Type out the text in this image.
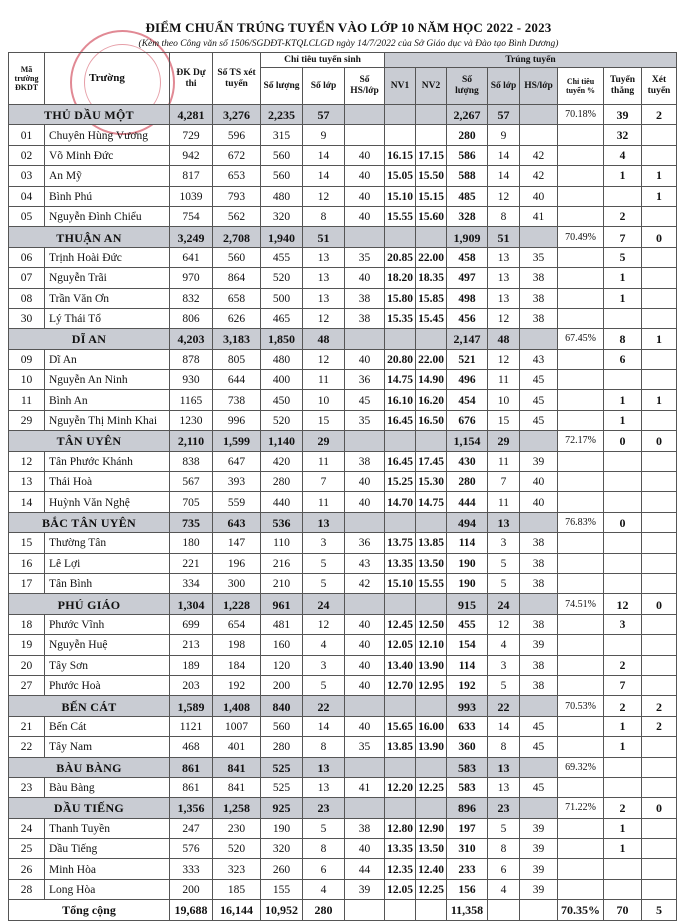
ĐIỂM CHUẨN TRÚNG TUYỂN VÀO LỚP 10 NĂM HỌC 2022 - 2023
(Kèm theo Công văn số 1506/SGDĐT-KTQLCLGD ngày 14/7/2022 của Sở Giáo dục và Đào tạo Bình Dương)
Mã trường ĐKDT	Trường	ĐK Dự thi	Số TS xét tuyển	Chỉ tiêu tuyển sinh			Trúng tuyển							
				Số lượng	Số lớp	Số HS/lớp	NV1	NV2	Số lượng	Số lớp	HS/lớp	Chỉ tiêu tuyển %	Tuyển thẳng	Xét tuyển
THỦ DẦU MỘT		4,281	3,276	2,235	57				2,267	57		70.18%	39	2
01	Chuyên Hùng Vương	729	596	315	9				280	9			32	
02	Võ Minh Đức	942	672	560	14	40	16.15	17.15	586	14	42		4	
03	An Mỹ	817	653	560	14	40	15.05	15.50	588	14	42		1	1
04	Bình Phú	1039	793	480	12	40	15.10	15.15	485	12	40			1
05	Nguyễn Đình Chiểu	754	562	320	8	40	15.55	15.60	328	8	41		2	
THUẬN AN		3,249	2,708	1,940	51				1,909	51		70.49%	7	0
06	Trịnh Hoài Đức	641	560	455	13	35	20.85	22.00	458	13	35		5	
07	Nguyễn Trãi	970	864	520	13	40	18.20	18.35	497	13	38		1	
08	Trần Văn Ơn	832	658	500	13	38	15.80	15.85	498	13	38		1	
30	Lý Thái Tổ	806	626	465	12	38	15.35	15.45	456	12	38			
DĨ AN		4,203	3,183	1,850	48				2,147	48		67.45%	8	1
09	Dĩ An	878	805	480	12	40	20.80	22.00	521	12	43		6	
10	Nguyễn An Ninh	930	644	400	11	36	14.75	14.90	496	11	45			
11	Bình An	1165	738	450	10	45	16.10	16.20	454	10	45		1	1
29	Nguyễn Thị Minh Khai	1230	996	520	15	35	16.45	16.50	676	15	45		1	
TÂN UYÊN		2,110	1,599	1,140	29				1,154	29		72.17%	0	0
12	Tân Phước Khánh	838	647	420	11	38	16.45	17.45	430	11	39			
13	Thái Hoà	567	393	280	7	40	15.25	15.30	280	7	40			
14	Huỳnh Văn Nghệ	705	559	440	11	40	14.70	14.75	444	11	40			
BẮC TÂN UYÊN		735	643	536	13				494	13		76.83%	0	
15	Thường Tân	180	147	110	3	36	13.75	13.85	114	3	38			
16	Lê Lợi	221	196	216	5	43	13.35	13.50	190	5	38			
17	Tân Bình	334	300	210	5	42	15.10	15.55	190	5	38			
PHÚ GIÁO		1,304	1,228	961	24				915	24		74.51%	12	0
18	Phước Vĩnh	699	654	481	12	40	12.45	12.50	455	12	38		3	
19	Nguyễn Huệ	213	198	160	4	40	12.05	12.10	154	4	39			
20	Tây Sơn	189	184	120	3	40	13.40	13.90	114	3	38		2	
27	Phước Hoà	203	192	200	5	40	12.70	12.95	192	5	38		7	
BẾN CÁT		1,589	1,408	840	22				993	22		70.53%	2	2
21	Bến Cát	1121	1007	560	14	40	15.65	16.00	633	14	45		1	2
22	Tây Nam	468	401	280	8	35	13.85	13.90	360	8	45		1	
BÀU BÀNG		861	841	525	13				583	13		69.32%		
23	Bàu Bàng	861	841	525	13	41	12.20	12.25	583	13	45			
DẦU TIẾNG		1,356	1,258	925	23				896	23		71.22%	2	0
24	Thanh Tuyền	247	230	190	5	38	12.80	12.90	197	5	39		1	
25	Dầu Tiếng	576	520	320	8	40	13.35	13.50	310	8	39		1	
26	Minh Hòa	333	323	260	6	44	12.35	12.40	233	6	39			
28	Long Hòa	200	185	155	4	39	12.05	12.25	156	4	39			
Tổng cộng		19,688	16,144	10,952	280				11,358			70.35%	70	5
